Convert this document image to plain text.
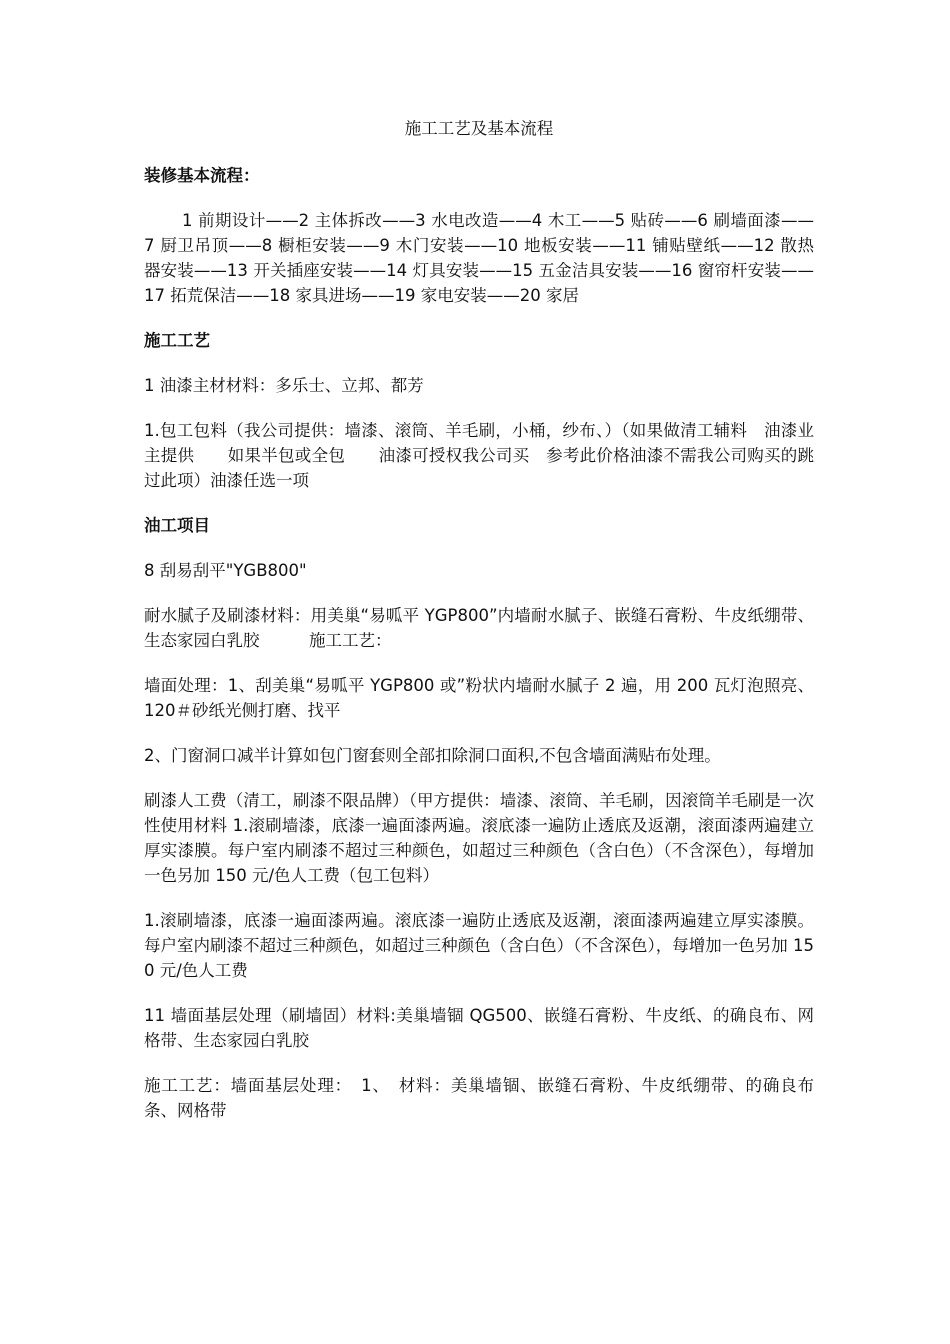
施工工艺及基本流程
装修基本流程：

1 前期设计——2 主体拆改——3 水电改造——4 木工——5 贴砖——6 刷墙面漆——7 厨卫吊顶——8 橱柜安装——9 木门安装——10 地板安装——11 铺贴壁纸——12 散热器安装——13 开关插座安装——14 灯具安装——15 五金洁具安装——16 窗帘杆安装——17 拓荒保洁——18 家具进场——19 家电安装——20 家居

施工工艺

1 油漆主材材料：多乐士、立邦、都芳

1.包工包料（我公司提供：墙漆、滚筒、羊毛刷，小桶，纱布、）（如果做清工辅料　油漆业主提供　　如果半包或全包　　油漆可授权我公司买　参考此价格油漆不需我公司购买的跳过此项）油漆任选一项

油工项目

8 刮易刮平"YGB800"

耐水腻子及刷漆材料：用美巢“易呱平 YGP800”内墙耐水腻子、嵌缝石膏粉、牛皮纸绷带、生态家园白乳胶　　　施工工艺：

墙面处理：1、刮美巢“易呱平 YGP800 或”粉状内墙耐水腻子 2 遍，用 200 瓦灯泡照亮、120＃砂纸光侧打磨、找平

2、门窗洞口减半计算如包门窗套则全部扣除洞口面积,不包含墙面满贴布处理。

刷漆人工费（清工，刷漆不限品牌）（甲方提供：墙漆、滚筒、羊毛刷，因滚筒羊毛刷是一次性使用材料 1.滚刷墙漆，底漆一遍面漆两遍。滚底漆一遍防止透底及返潮，滚面漆两遍建立厚实漆膜。每户室内刷漆不超过三种颜色，如超过三种颜色（含白色）（不含深色），每增加一色另加 150 元/色人工费（包工包料）

1.滚刷墙漆，底漆一遍面漆两遍。滚底漆一遍防止透底及返潮，滚面漆两遍建立厚实漆膜。每户室内刷漆不超过三种颜色，如超过三种颜色（含白色）（不含深色），每增加一色另加 150 元/色人工费

11 墙面基层处理（刷墙固）材料:美巢墙锢 QG500、嵌缝石膏粉、牛皮纸、的确良布、网格带、生态家园白乳胶

施工工艺：墙面基层处理：　1、　材料：美巢墙锢、嵌缝石膏粉、牛皮纸绷带、的确良布条、网格带
